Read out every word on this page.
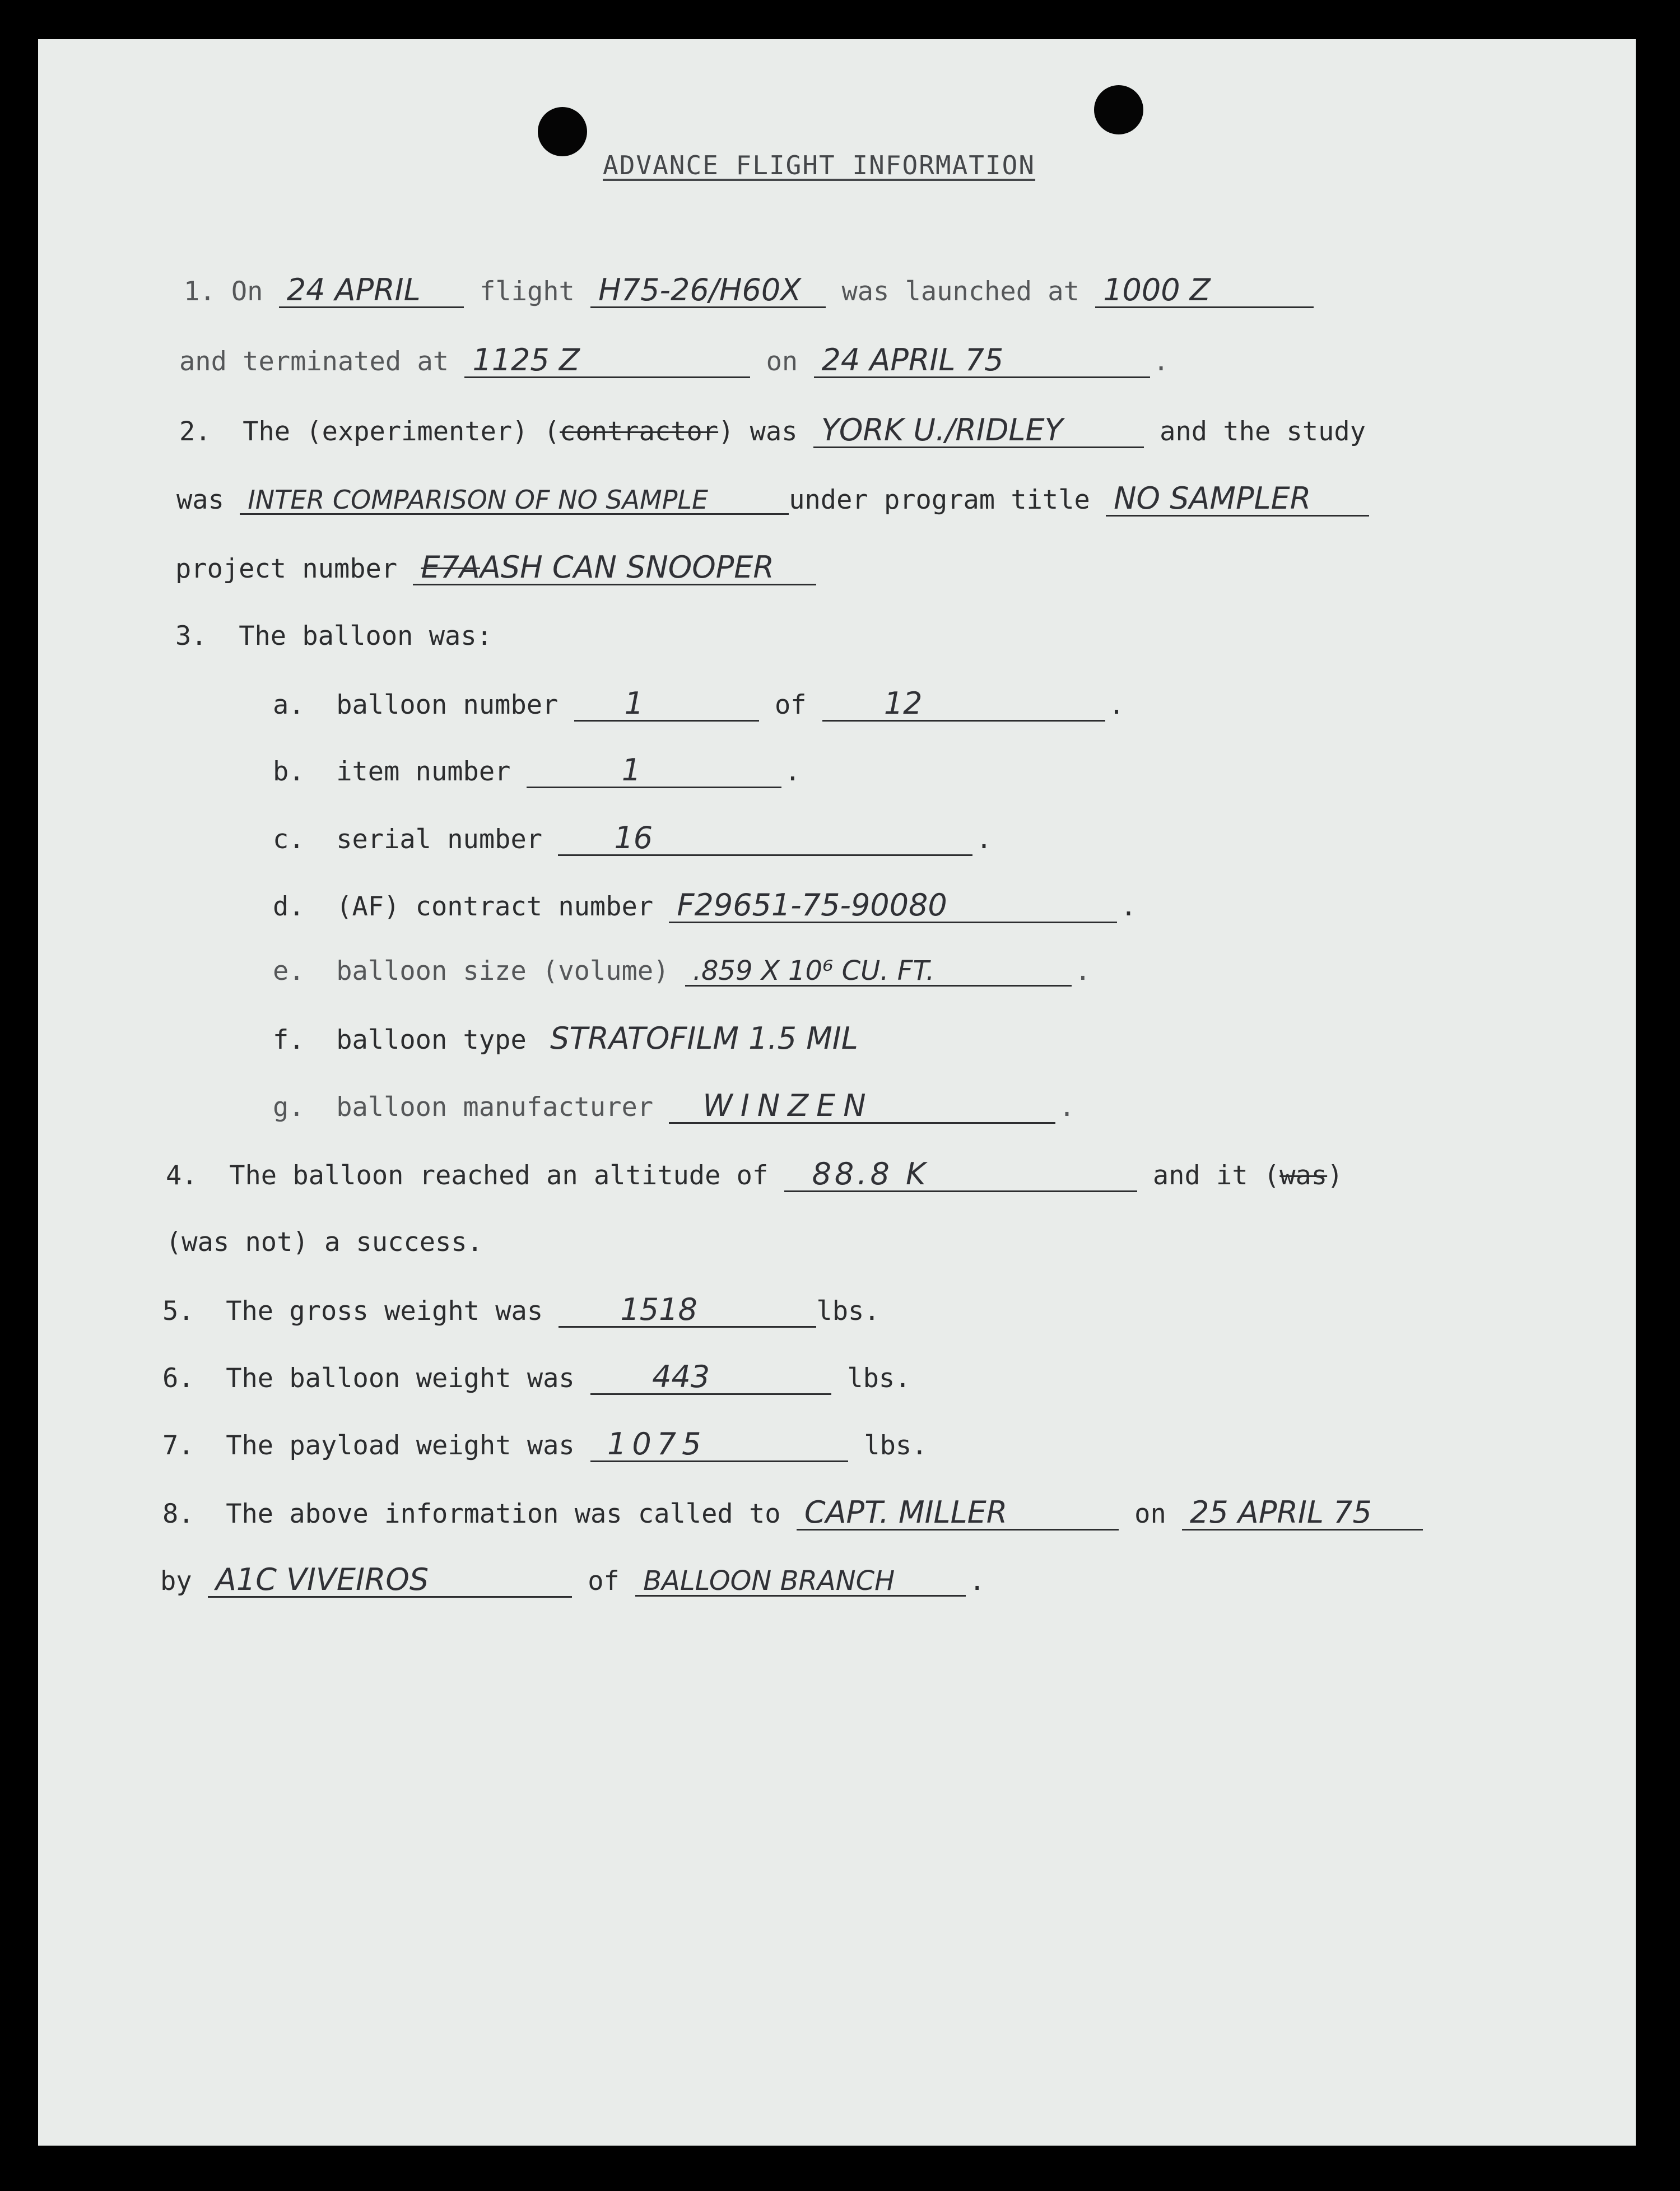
ADVANCE FLIGHT INFORMATION
1. On 24 APRIL flight H75-26/H60X was launched at 1000 Z
and terminated at 1125 Z	on 24 APRIL 75	.
2. The (experimenter) (contractor) was YORK U./RIDLEY	and the study
was INTER COMPARISON OF NO SAMPLE	under program title NO SAMPLER
project number E7AASH CAN SNOOPER
3. The balloon was:
a. balloon number 1	of	12	.
b. item number	1	.
c. serial number 16	.
d. (AF) contract number F29651-75-90080	.
e. balloon size (volume) .859 X 10⁶ CU. FT.	.
f. balloon type STRATOFILM 1.5 MIL
g. balloon manufacturer WINZEN	.
4. The balloon reached an altitude of 88.8 K	and it (was)
(was not) a success.
5. The gross weight was	1518	lbs.
6. The balloon weight was	443	lbs.
7. The payload weight was 1075	lbs.
8. The above information was called to CAPT. MILLER	on 25 APRIL 75
by A1C VIVEIROS	of BALLOON BRANCH	.
